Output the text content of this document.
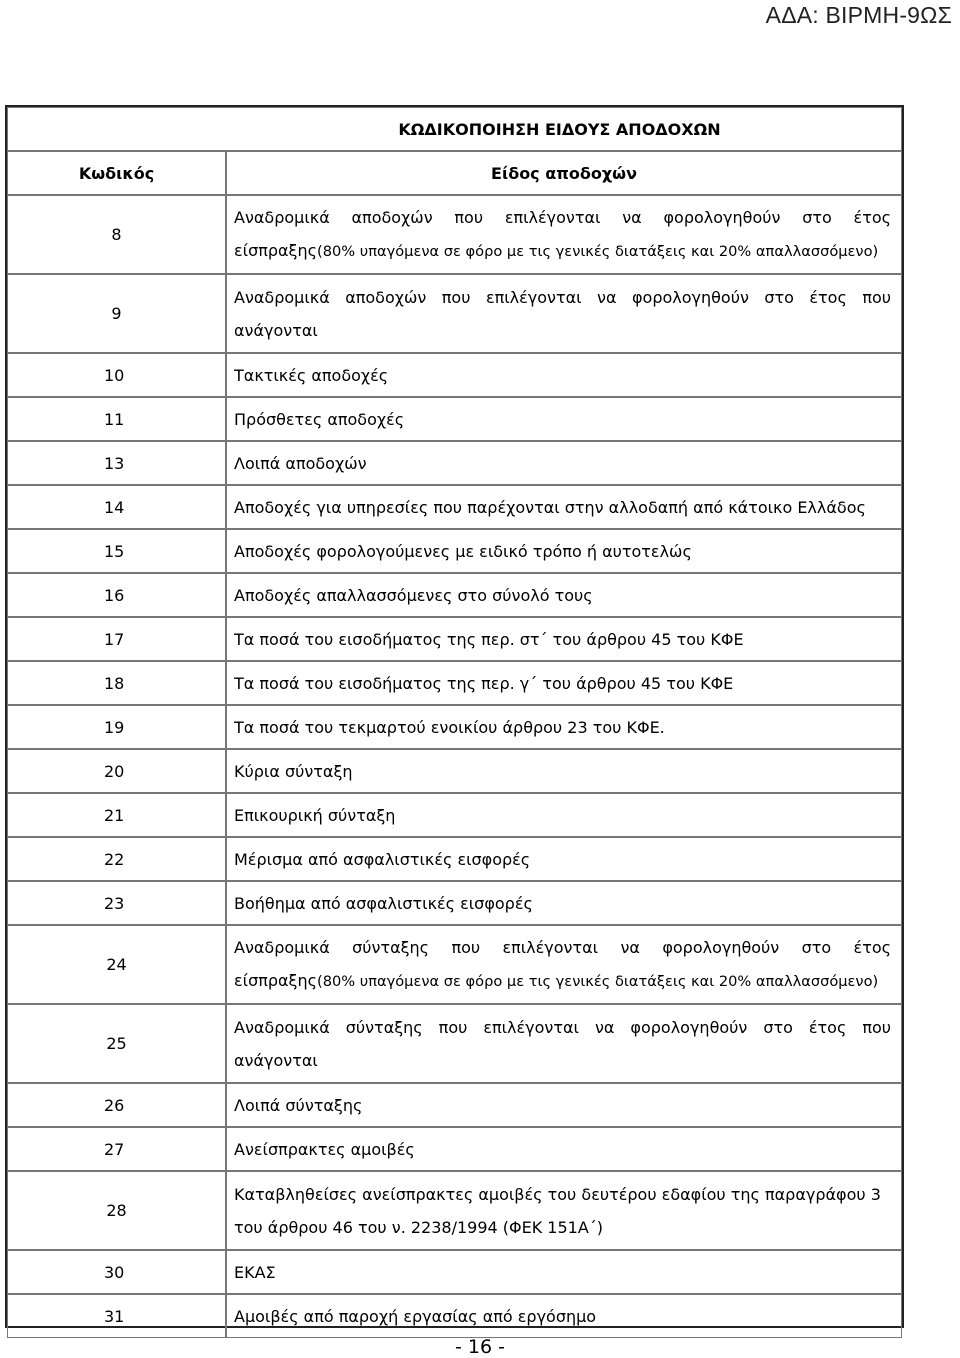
ΑΔΑ: ΒΙΡΜΗ-9ΩΣ
ΚΩΔΙΚΟΠΟΙΗΣΗ ΕΙΔΟΥΣ ΑΠΟΔΟΧΩΝ	
Κωδικός	Είδος αποδοχών
8	Αναδρομικά αποδοχών που επιλέγονται να φορολογηθούν στο έτος
είσπραξης(80% υπαγόμενα σε φόρο με τις γενικές διατάξεις και 20% απαλλασσόμενο)

9	Αναδρομικά αποδοχών που επιλέγονται να φορολογηθούν στο έτος που
ανάγονται

10	Τακτικές αποδοχές
11	Πρόσθετες αποδοχές
13	Λοιπά αποδοχών
14	Αποδοχές για υπηρεσίες που παρέχονται στην αλλοδαπή από κάτοικο Ελλάδος
15	Αποδοχές φορολογούμενες με ειδικό τρόπο ή αυτοτελώς
16	Αποδοχές απαλλασσόμενες στο σύνολό τους
17	Τα ποσά του εισοδήματος της περ. στ΄ του άρθρου 45 του ΚΦΕ
18	Τα ποσά του εισοδήματος της περ. γ΄ του άρθρου 45 του ΚΦΕ
19	Τα ποσά του τεκμαρτού ενοικίου άρθρου 23 του ΚΦΕ.
20	Κύρια σύνταξη
21	Επικουρική σύνταξη
22	Μέρισμα από ασφαλιστικές εισφορές
23	Βοήθημα από ασφαλιστικές εισφορές
24	Αναδρομικά σύνταξης που επιλέγονται να φορολογηθούν στο έτος
είσπραξης(80% υπαγόμενα σε φόρο με τις γενικές διατάξεις και 20% απαλλασσόμενο)

25	Αναδρομικά σύνταξης που επιλέγονται να φορολογηθούν στο έτος που
ανάγονται

26	Λοιπά σύνταξης
27	Ανείσπρακτες αμοιβές
28	Καταβληθείσες ανείσπρακτες αμοιβές του δευτέρου εδαφίου της παραγράφου 3
του άρθρου 46 του ν. 2238/1994 (ΦΕΚ 151Α΄)

30	ΕΚΑΣ
31	Αμοιβές από παροχή εργασίας από εργόσημο
- 16 -
